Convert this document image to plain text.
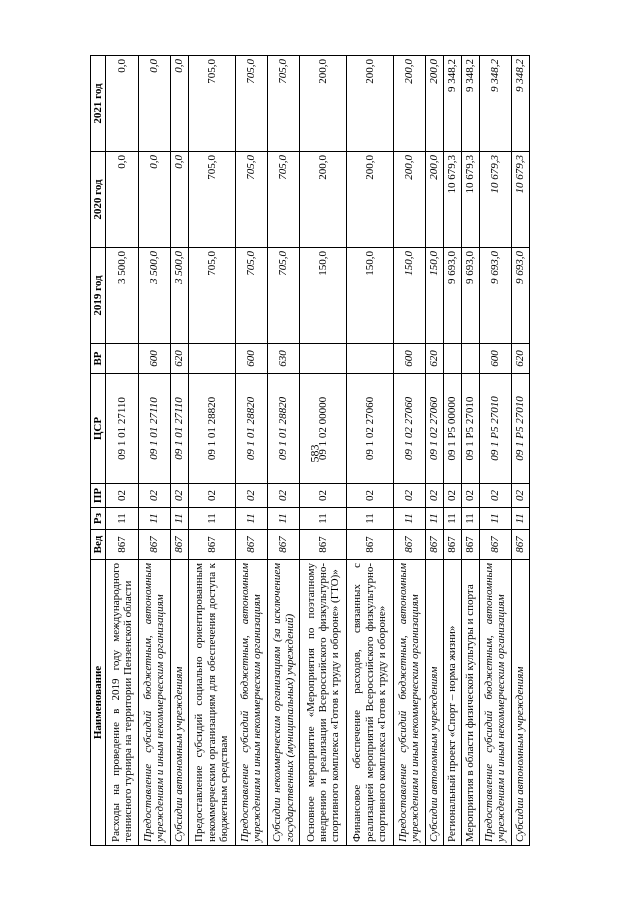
583
Наименование	Вед	Рз	ПР	ЦСР	ВР	2019 год	2020 год	2021 год
Расходы на проведение в 2019 году международного теннисного турнира на территории Пензенской области	867	11	02	09 1 01 27110		3 500,0	0,0	0,0
Предоставление субсидий бюджетным, автономным учреждениям и иным некоммерческим организациям	867	11	02	09 1 01 27110	600	3 500,0	0,0	0,0
Субсидии автономным учреждениям	867	11	02	09 1 01 27110	620	3 500,0	0,0	0,0
Предоставление субсидий социально ориентированным некоммерческим организациям для обеспечения доступа к бюджетным средствам	867	11	02	09 1 01 28820		705,0	705,0	705,0
Предоставление субсидий бюджетным, автономным учреждениям и иным некоммерческим организациям	867	11	02	09 1 01 28820	600	705,0	705,0	705,0
Субсидии некоммерческим организациям (за исключением государственных (муниципальных) учреждений)	867	11	02	09 1 01 28820	630	705,0	705,0	705,0
Основное мероприятие «Мероприятия по поэтапному внедрению и реализации Всероссийского физкультурно-спортивного комплекса «Готов к труду и обороне» (ГТО)»	867	11	02	09 1 02 00000		150,0	200,0	200,0
Финансовое обеспечение расходов, связанных с реализацией мероприятий Всероссийского физкультурно-спортивного комплекса «Готов к труду и обороне»	867	11	02	09 1 02 27060		150,0	200,0	200,0
Предоставление субсидий бюджетным, автономным учреждениям и иным некоммерческим организациям	867	11	02	09 1 02 27060	600	150,0	200,0	200,0
Субсидии автономным учреждениям	867	11	02	09 1 02 27060	620	150,0	200,0	200,0
Региональный проект «Спорт – норма жизни»	867	11	02	09 1 P5 00000		9 693,0	10 679,3	9 348,2
Мероприятия в области физической культуры и спорта	867	11	02	09 1 P5 27010		9 693,0	10 679,3	9 348,2
Предоставление субсидий бюджетным, автономным учреждениям и иным некоммерческим организациям	867	11	02	09 1 P5 27010	600	9 693,0	10 679,3	9 348,2
Субсидии автономным учреждениям	867	11	02	09 1 P5 27010	620	9 693,0	10 679,3	9 348,2
